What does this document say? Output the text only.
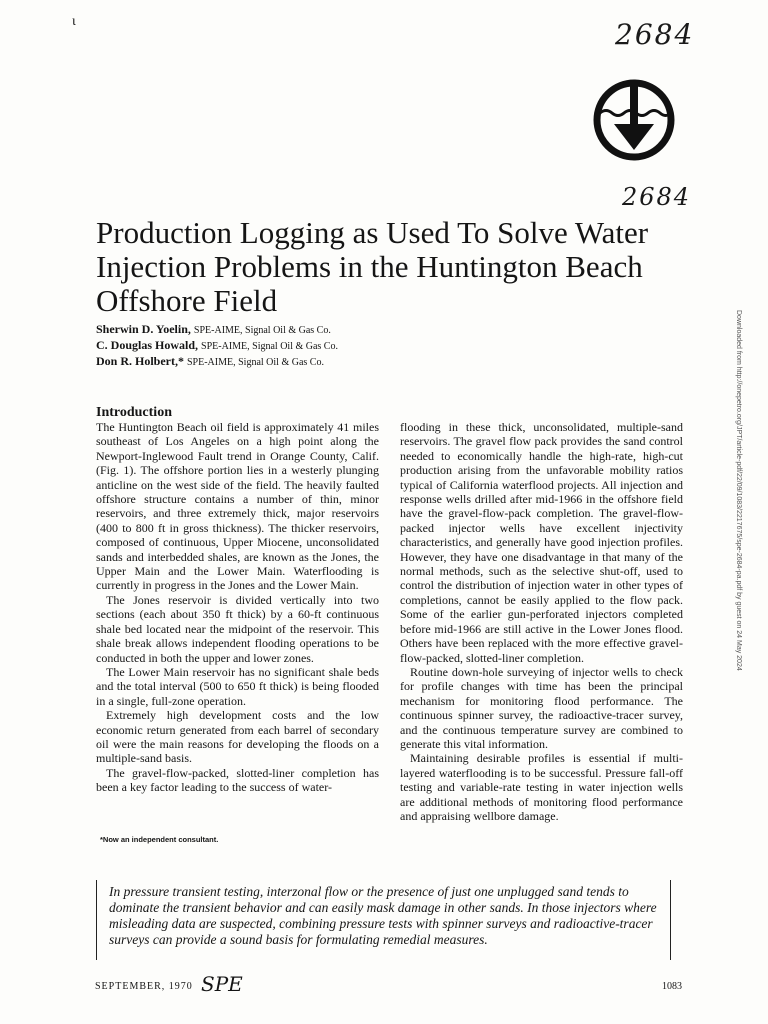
ɩ	2684
2684
Production Logging as Used To Solve Water Injection Problems in the Huntington Beach Offshore Field
Sherwin D. Yoelin, SPE-AIME, Signal Oil & Gas Co.
C. Douglas Howald, SPE-AIME, Signal Oil & Gas Co.
Don R. Holbert,* SPE-AIME, Signal Oil & Gas Co.	Downloaded from http://onepetro.org/JPT/article-pdf/22/09/1083/2217675/spe-2684-pa.pdf by guest on 24 May 2024
Introduction

The Huntington Beach oil field is approximately 41 miles southeast of Los Angeles on a high point along the Newport-Inglewood Fault trend in Orange County, Calif. (Fig. 1). The offshore portion lies in a westerly plunging anticline on the west side of the field. The heavily faulted offshore structure contains a number of thin, minor reservoirs, and three extremely thick, major reservoirs (400 to 800 ft in gross thickness). The thicker reservoirs, composed of continuous, Upper Miocene, unconsolidated sands and interbedded shales, are known as the Jones, the Upper Main and the Lower Main. Waterflooding is currently in progress in the Jones and the Lower Main.

The Jones reservoir is divided vertically into two sections (each about 350 ft thick) by a 60-ft continuous shale bed located near the midpoint of the reservoir. This shale break allows independent flooding operations to be conducted in both the upper and lower zones.

The Lower Main reservoir has no significant shale beds and the total interval (500 to 650 ft thick) is being flooded in a single, full-zone operation.

Extremely high development costs and the low economic return generated from each barrel of secondary oil were the main reasons for developing the floods on a multiple-sand basis.

The gravel-flow-packed, slotted-liner completion has been a key factor leading to the success of water-

flooding in these thick, unconsolidated, multiple-sand reservoirs. The gravel flow pack provides the sand control needed to economically handle the high-rate, high-cut production arising from the unfavorable mobility ratios typical of California waterflood projects. All injection and response wells drilled after mid-1966 in the offshore field have the gravel-flow-pack completion. The gravel-flow-packed injector wells have excellent injectivity characteristics, and generally have good injection profiles. However, they have one disadvantage in that many of the normal methods, such as the selective shut-off, used to control the distribution of injection water in other types of completions, cannot be easily applied to the flow pack. Some of the earlier gun-perforated injectors completed before mid-1966 are still active in the Lower Jones flood. Others have been replaced with the more effective gravel-flow-packed, slotted-liner completion.

Routine down-hole surveying of injector wells to check for profile changes with time has been the principal mechanism for monitoring flood performance. The continuous spinner survey, the radioactive-tracer survey, and the continuous temperature survey are combined to generate this vital information.

Maintaining desirable profiles is essential if multi-layered waterflooding is to be successful. Pressure fall-off testing and variable-rate testing in water injection wells are additional methods of monitoring flood performance and appraising wellbore damage.

*Now an independent consultant.
In pressure transient testing, interzonal flow or the presence of just one unplugged sand tends to dominate the transient behavior and can easily mask damage in other sands. In those injectors where misleading data are suspected, combining pressure tests with spinner surveys and radioactive-tracer surveys can provide a sound basis for formulating remedial measures.
SEPTEMBER, 1970 SPE	1083
